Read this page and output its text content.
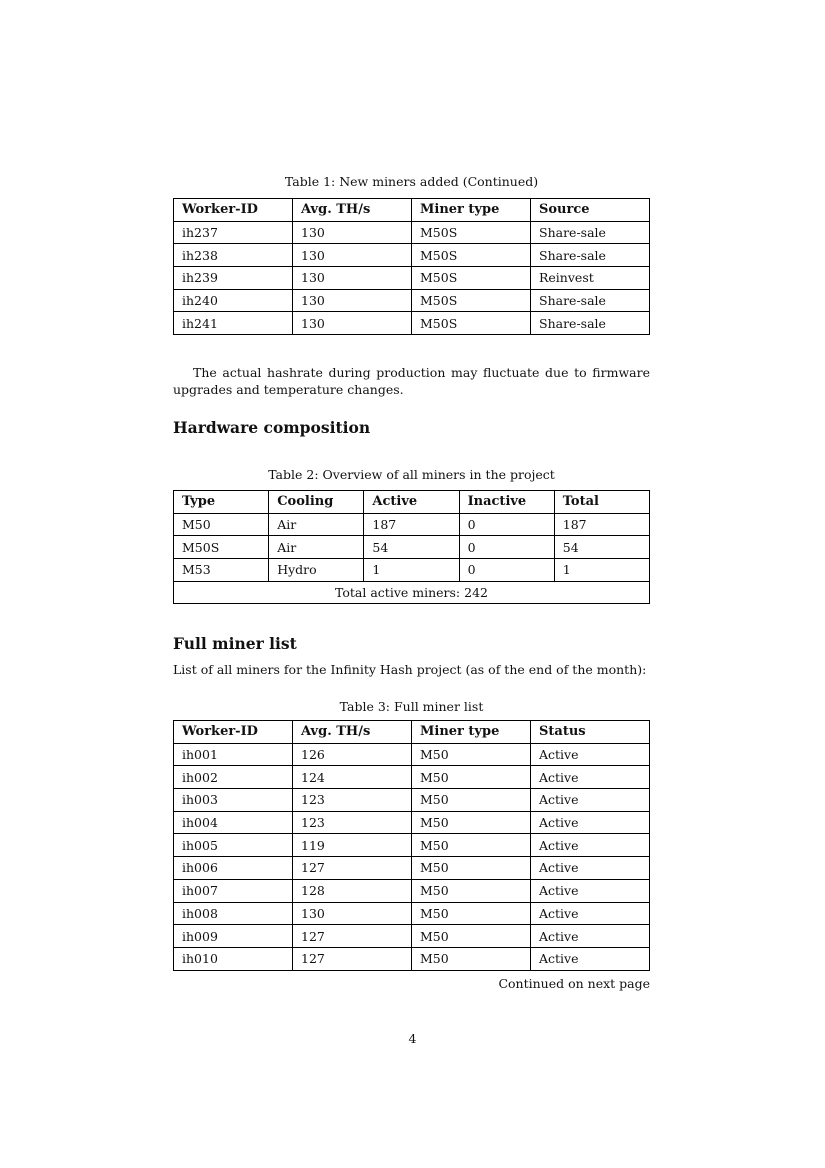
Table 1: New miners added (Continued)
Worker-ID	Avg. TH/s	Miner type	Source
ih237	130	M50S	Share-sale
ih238	130	M50S	Share-sale
ih239	130	M50S	Reinvest
ih240	130	M50S	Share-sale
ih241	130	M50S	Share-sale
The actual hashrate during production may fluctuate due to firmware upgrades and temperature changes.
Hardware composition
Table 2: Overview of all miners in the project
Type	Cooling	Active	Inactive	Total
M50	Air	187	0	187
M50S	Air	54	0	54
M53	Hydro	1	0	1
Total active miners: 242				
Full miner list
List of all miners for the Infinity Hash project (as of the end of the month):
Table 3: Full miner list
Worker-ID	Avg. TH/s	Miner type	Status
ih001	126	M50	Active
ih002	124	M50	Active
ih003	123	M50	Active
ih004	123	M50	Active
ih005	119	M50	Active
ih006	127	M50	Active
ih007	128	M50	Active
ih008	130	M50	Active
ih009	127	M50	Active
ih010	127	M50	Active
Continued on next page
4
